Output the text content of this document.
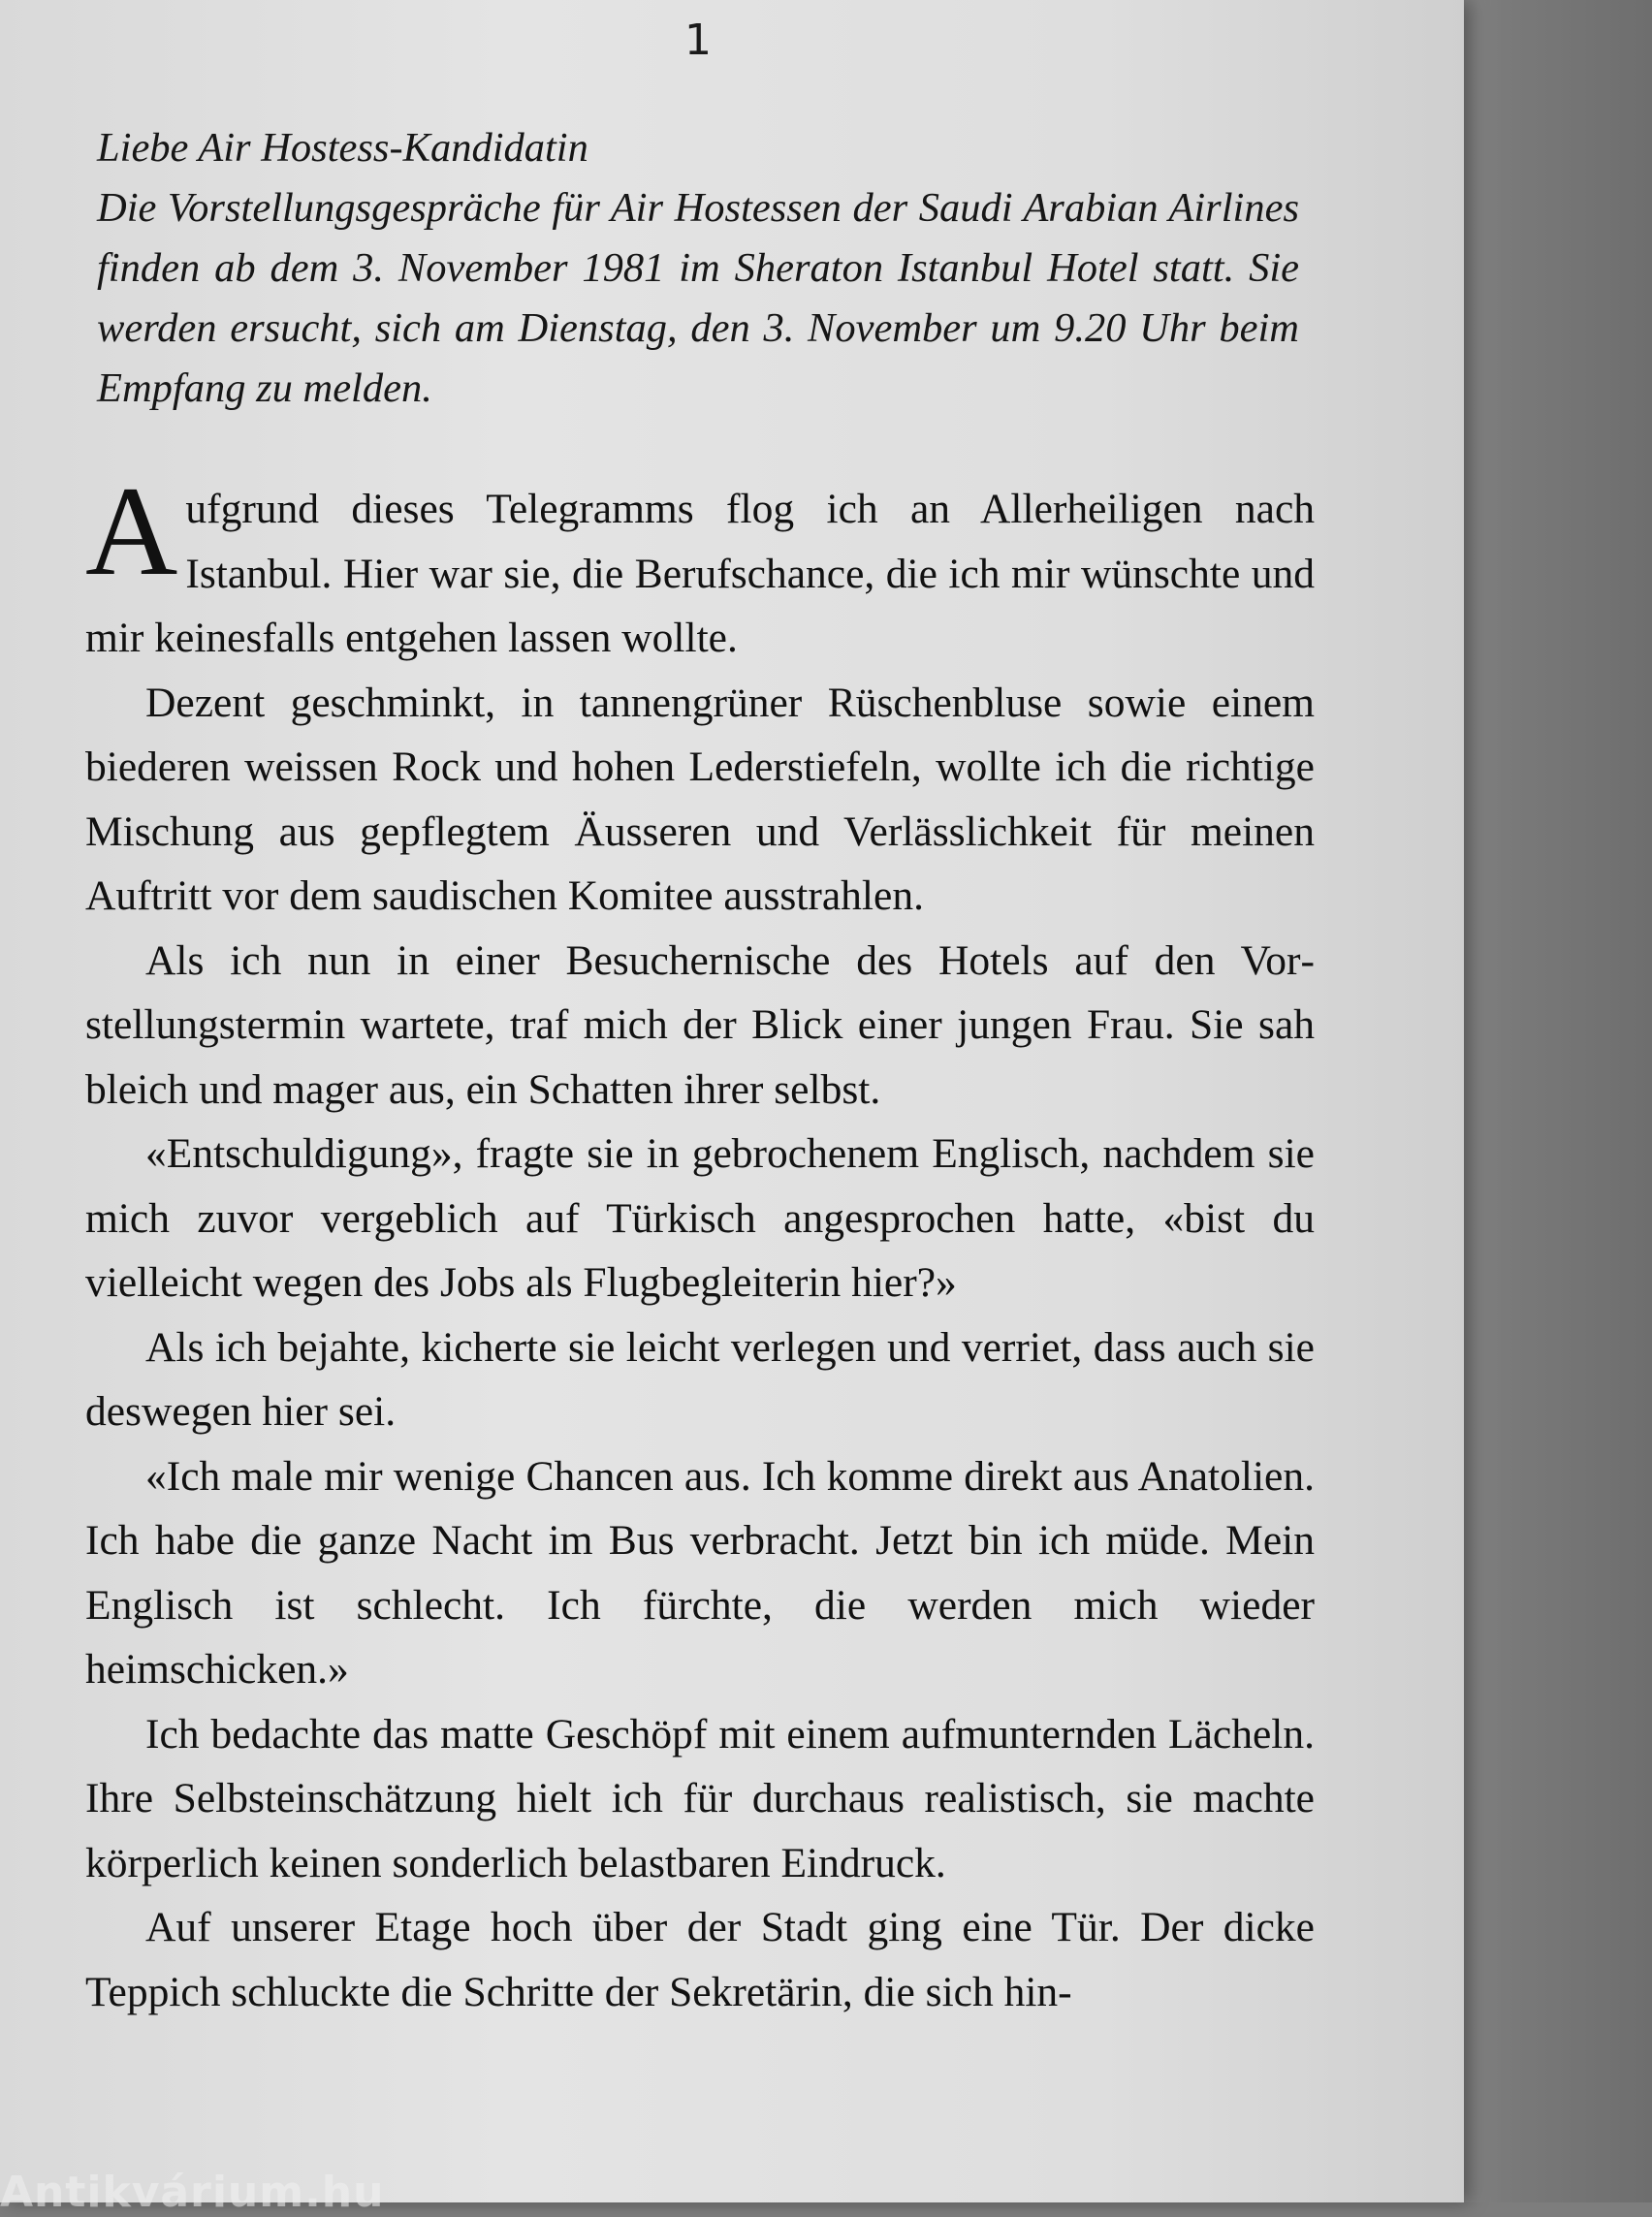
1

Liebe Air Hostess-Kandidatin

Die Vorstellungsgespräche für Air Hostessen der Saudi Arabian Airlines finden ab dem 3. November 1981 im Sheraton Istanbul Hotel statt. Sie werden ersucht, sich am Dienstag, den 3. November um 9.20 Uhr beim Empfang zu melden.

Aufgrund dieses Telegramms flog ich an Allerheiligen nach Istanbul. Hier war sie, die Berufschance, die ich mir wünschte und mir keinesfalls entgehen lassen wollte.

Dezent geschminkt, in tannengrüner Rüschenbluse sowie einem biederen weissen Rock und hohen Lederstiefeln, wollte ich die richtige Mischung aus gepflegtem Äusseren und Verlässlichkeit für meinen Auftritt vor dem saudischen Komitee ausstrahlen.

Als ich nun in einer Besuchernische des Hotels auf den Vorstellungstermin wartete, traf mich der Blick einer jungen Frau. Sie sah bleich und mager aus, ein Schatten ihrer selbst.

«Entschuldigung», fragte sie in gebrochenem Englisch, nachdem sie mich zuvor vergeblich auf Türkisch angesprochen hatte, «bist du vielleicht wegen des Jobs als Flugbegleiterin hier?»

Als ich bejahte, kicherte sie leicht verlegen und verriet, dass auch sie deswegen hier sei.

«Ich male mir wenige Chancen aus. Ich komme direkt aus Anatolien. Ich habe die ganze Nacht im Bus verbracht. Jetzt bin ich müde. Mein Englisch ist schlecht. Ich fürchte, die werden mich wieder heimschicken.»

Ich bedachte das matte Geschöpf mit einem aufmunternden Lächeln. Ihre Selbsteinschätzung hielt ich für durchaus realistisch, sie machte körperlich keinen sonderlich belastbaren Eindruck.

Auf unserer Etage hoch über der Stadt ging eine Tür. Der dicke Teppich schluckte die Schritte der Sekretärin, die sich hin-

Antikvárium.hu
